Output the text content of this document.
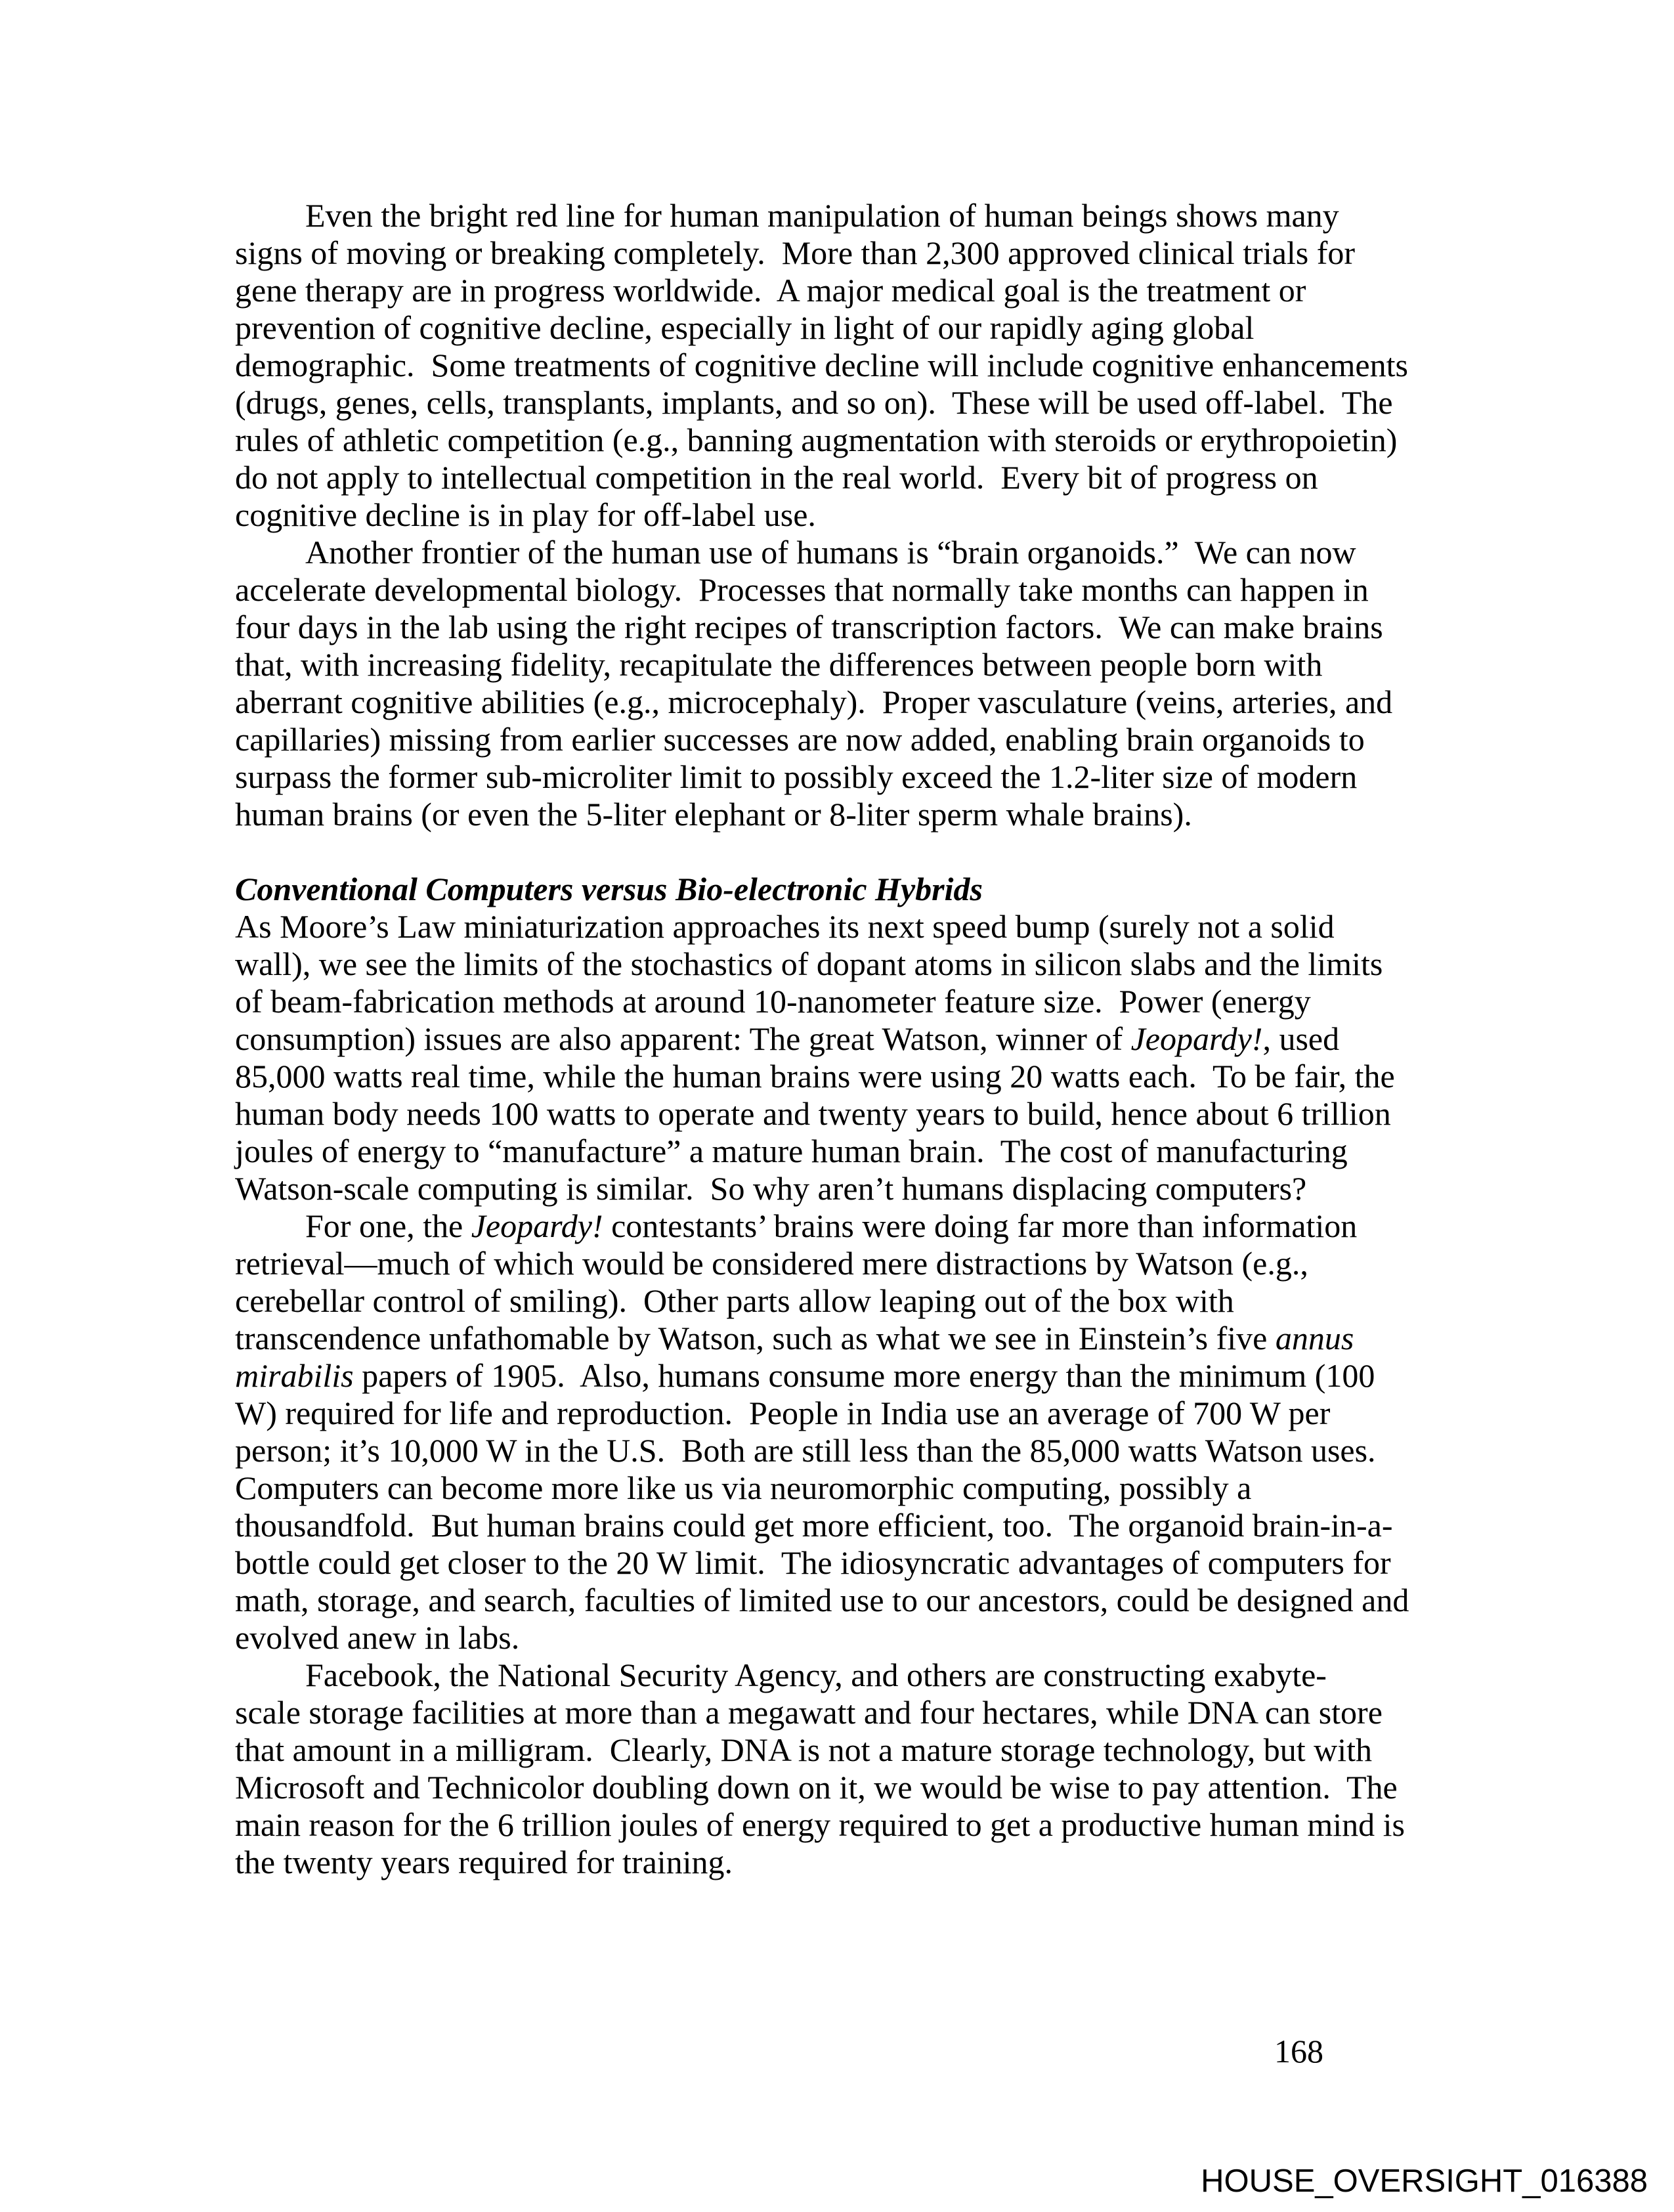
Even the bright red line for human manipulation of human beings shows many
signs of moving or breaking completely.  More than 2,300 approved clinical trials for
gene therapy are in progress worldwide.  A major medical goal is the treatment or
prevention of cognitive decline, especially in light of our rapidly aging global
demographic.  Some treatments of cognitive decline will include cognitive enhancements
(drugs, genes, cells, transplants, implants, and so on).  These will be used off-label.  The
rules of athletic competition (e.g., banning augmentation with steroids or erythropoietin)
do not apply to intellectual competition in the real world.  Every bit of progress on
cognitive decline is in play for off-label use.
Another frontier of the human use of humans is “brain organoids.”  We can now
accelerate developmental biology.  Processes that normally take months can happen in
four days in the lab using the right recipes of transcription factors.  We can make brains
that, with increasing fidelity, recapitulate the differences between people born with
aberrant cognitive abilities (e.g., microcephaly).  Proper vasculature (veins, arteries, and
capillaries) missing from earlier successes are now added, enabling brain organoids to
surpass the former sub-microliter limit to possibly exceed the 1.2-liter size of modern
human brains (or even the 5-liter elephant or 8-liter sperm whale brains).
Conventional Computers versus Bio-electronic Hybrids
As Moore’s Law miniaturization approaches its next speed bump (surely not a solid
wall), we see the limits of the stochastics of dopant atoms in silicon slabs and the limits
of beam-fabrication methods at around 10-nanometer feature size.  Power (energy
consumption) issues are also apparent: The great Watson, winner of Jeopardy!, used
85,000 watts real time, while the human brains were using 20 watts each.  To be fair, the
human body needs 100 watts to operate and twenty years to build, hence about 6 trillion
joules of energy to “manufacture” a mature human brain.  The cost of manufacturing
Watson-scale computing is similar.  So why aren’t humans displacing computers?
For one, the Jeopardy! contestants’ brains were doing far more than information
retrieval—much of which would be considered mere distractions by Watson (e.g.,
cerebellar control of smiling).  Other parts allow leaping out of the box with
transcendence unfathomable by Watson, such as what we see in Einstein’s five annus
mirabilis papers of 1905.  Also, humans consume more energy than the minimum (100
W) required for life and reproduction.  People in India use an average of 700 W per
person; it’s 10,000 W in the U.S.  Both are still less than the 85,000 watts Watson uses.
Computers can become more like us via neuromorphic computing, possibly a
thousandfold.  But human brains could get more efficient, too.  The organoid brain-in-a-
bottle could get closer to the 20 W limit.  The idiosyncratic advantages of computers for
math, storage, and search, faculties of limited use to our ancestors, could be designed and
evolved anew in labs.
Facebook, the National Security Agency, and others are constructing exabyte-
scale storage facilities at more than a megawatt and four hectares, while DNA can store
that amount in a milligram.  Clearly, DNA is not a mature storage technology, but with
Microsoft and Technicolor doubling down on it, we would be wise to pay attention.  The
main reason for the 6 trillion joules of energy required to get a productive human mind is
the twenty years required for training.
168
HOUSE_OVERSIGHT_016388
